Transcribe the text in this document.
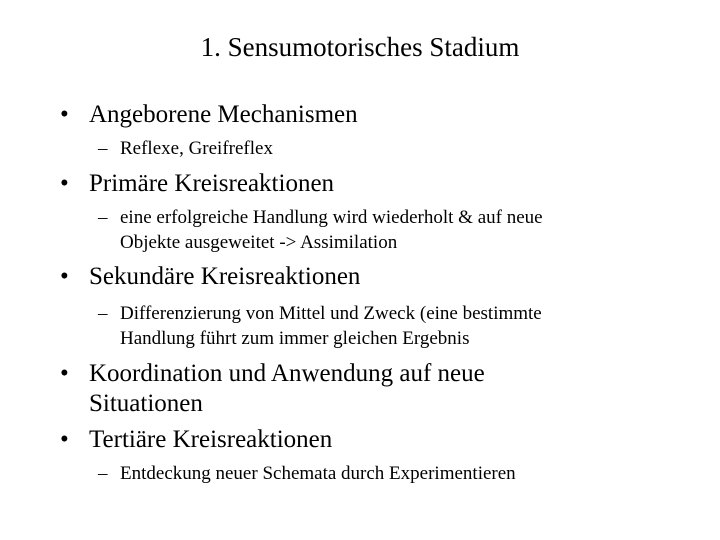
1. Sensumotorisches Stadium
• Angeborene Mechanismen
– Reflexe, Greifreflex
• Primäre Kreisreaktionen
– eine erfolgreiche Handlung wird wiederholt & auf neue
Objekte ausgeweitet -> Assimilation
• Sekundäre Kreisreaktionen
– Differenzierung von Mittel und Zweck (eine bestimmte
Handlung führt zum immer gleichen Ergebnis
• Koordination und Anwendung auf neue
Situationen
• Tertiäre Kreisreaktionen
– Entdeckung neuer Schemata durch Experimentieren
